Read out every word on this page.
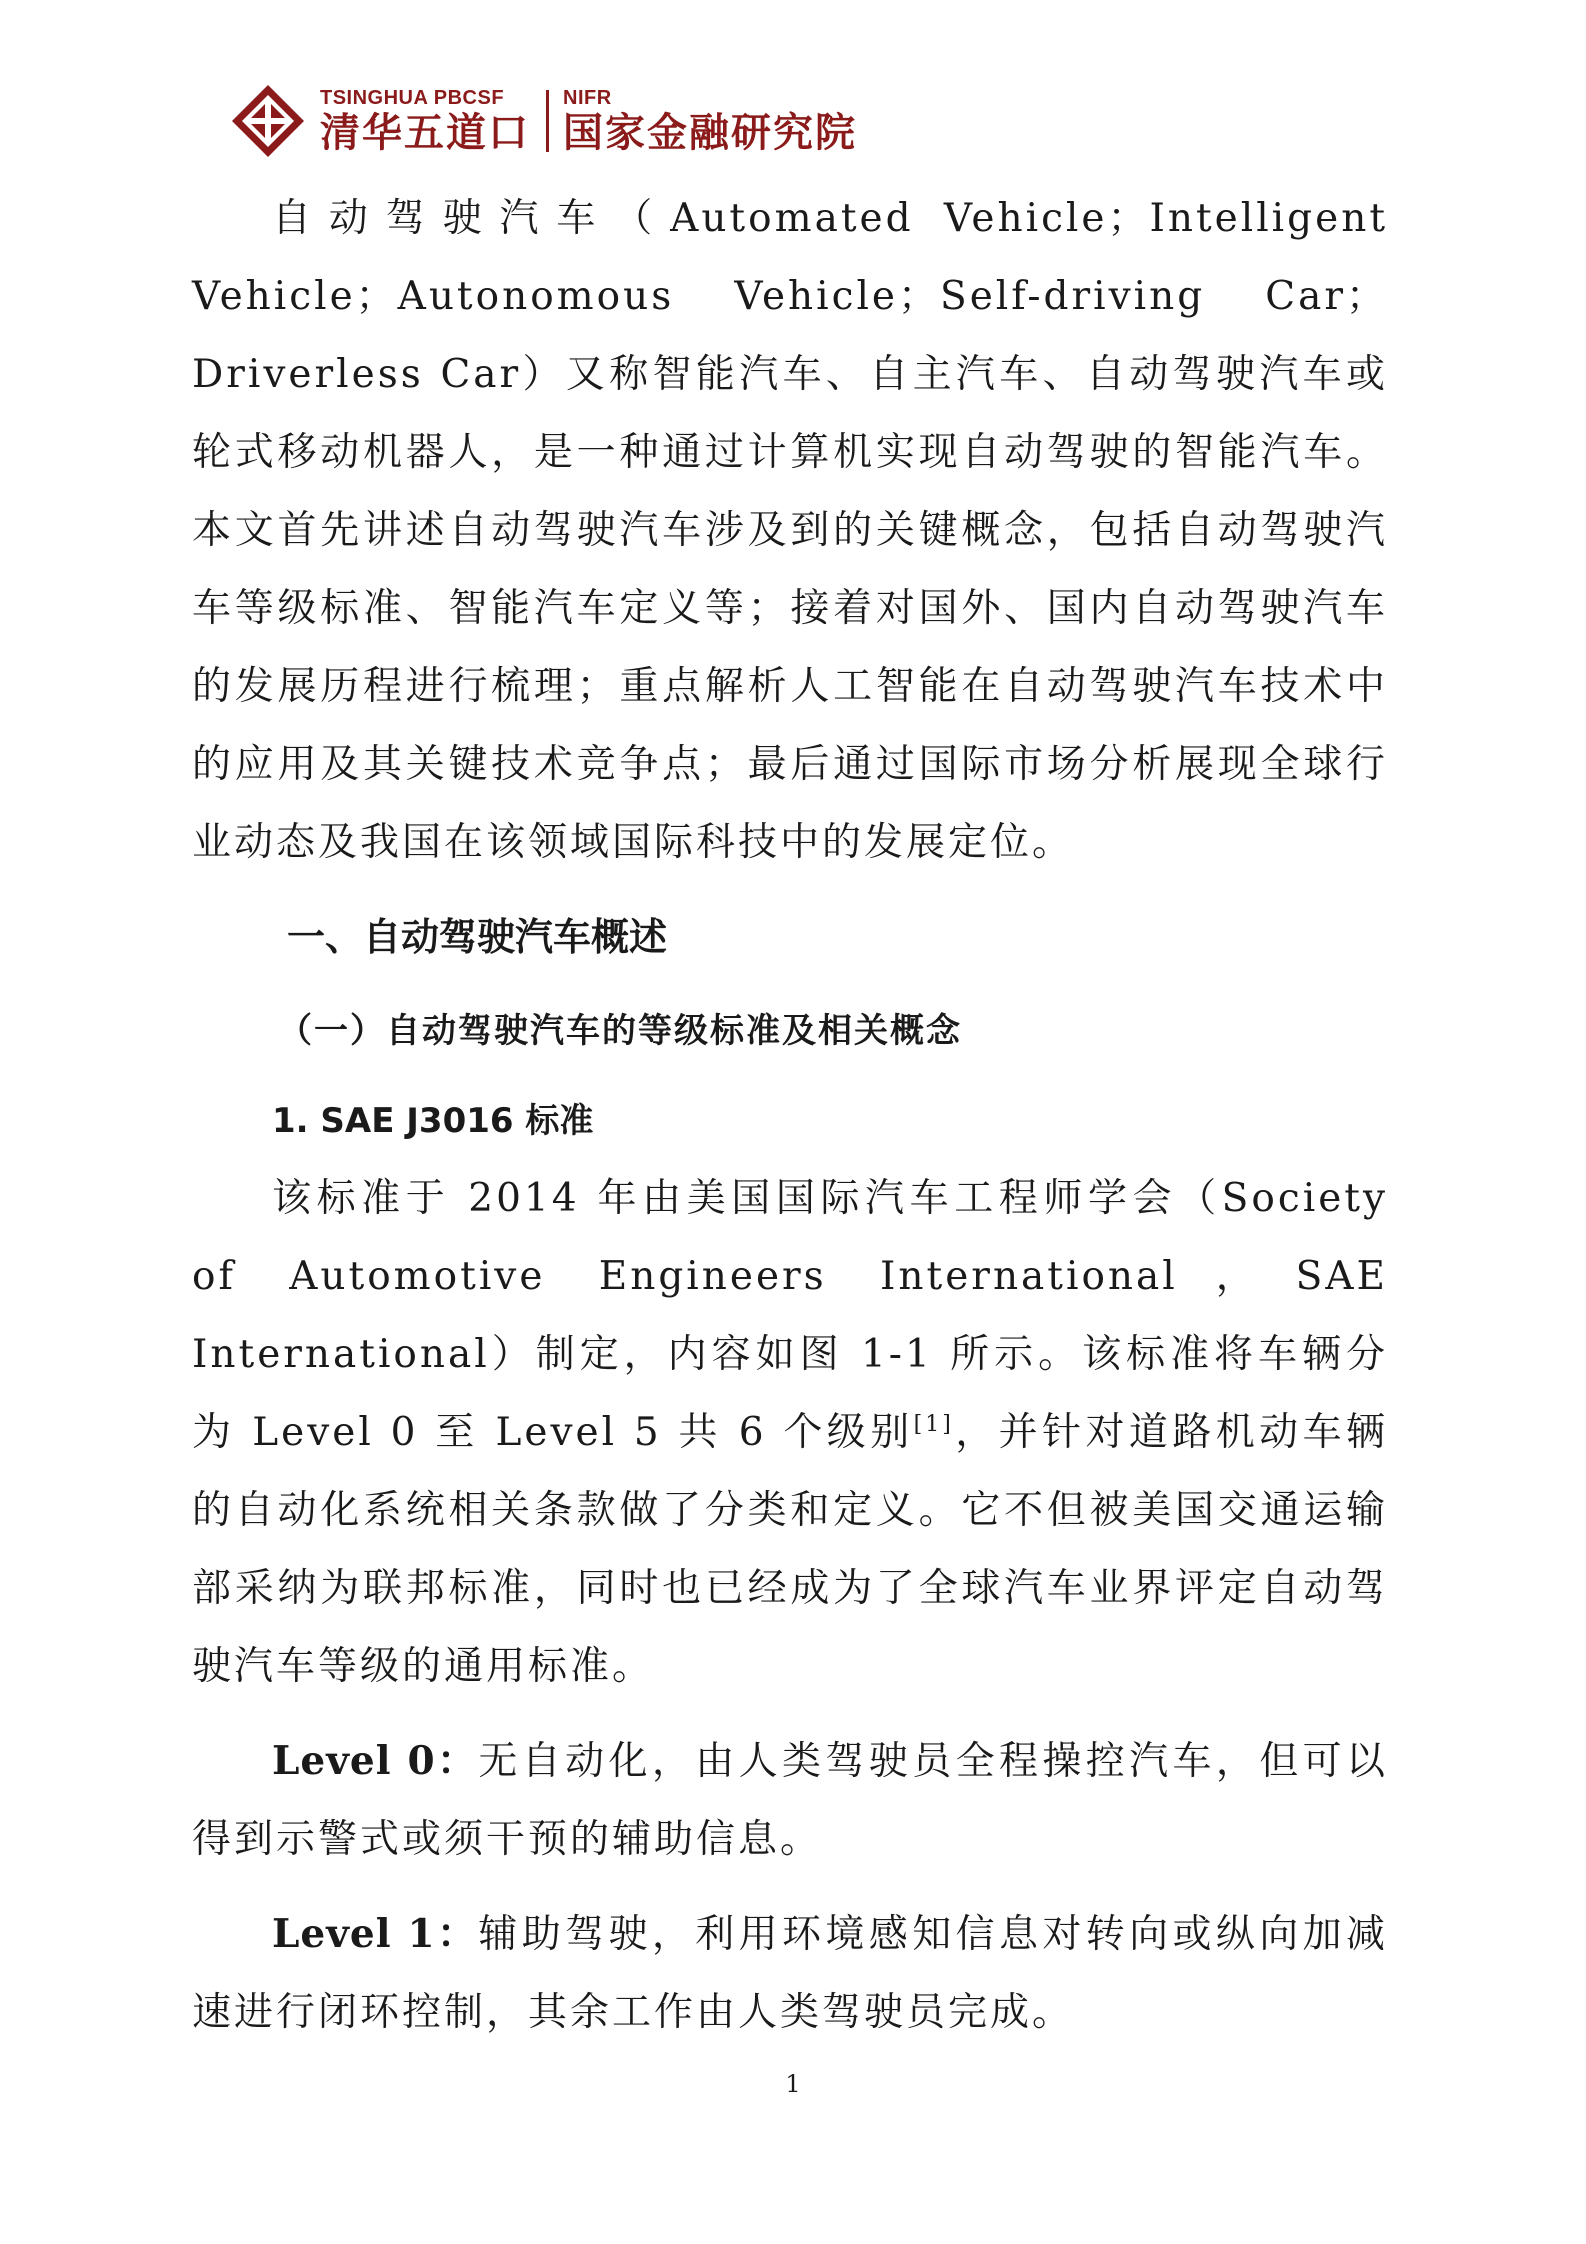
TSINGHUA PBCSF
清华五道口
NIFR
国家金融研究院

自动驾驶汽车（Automated Vehicle；Intelligent Vehicle；Autonomous Vehicle；Self-driving Car；Driverless Car）又称智能汽车、自主汽车、自动驾驶汽车或轮式移动机器人，是一种通过计算机实现自动驾驶的智能汽车。本文首先讲述自动驾驶汽车涉及到的关键概念，包括自动驾驶汽车等级标准、智能汽车定义等；接着对国外、国内自动驾驶汽车的发展历程进行梳理；重点解析人工智能在自动驾驶汽车技术中的应用及其关键技术竞争点；最后通过国际市场分析展现全球行业动态及我国在该领域国际科技中的发展定位。

一、自动驾驶汽车概述
（一）自动驾驶汽车的等级标准及相关概念
1. SAE J3016 标准

该标准于 2014 年由美国国际汽车工程师学会（Society of Automotive Engineers International，SAE International）制定，内容如图 1-1 所示。该标准将车辆分为 Level 0 至 Level 5 共 6 个级别[1]，并针对道路机动车辆的自动化系统相关条款做了分类和定义。它不但被美国交通运输部采纳为联邦标准，同时也已经成为了全球汽车业界评定自动驾驶汽车等级的通用标准。

Level 0：无自动化，由人类驾驶员全程操控汽车，但可以得到示警式或须干预的辅助信息。

Level 1：辅助驾驶，利用环境感知信息对转向或纵向加减速进行闭环控制，其余工作由人类驾驶员完成。

1
